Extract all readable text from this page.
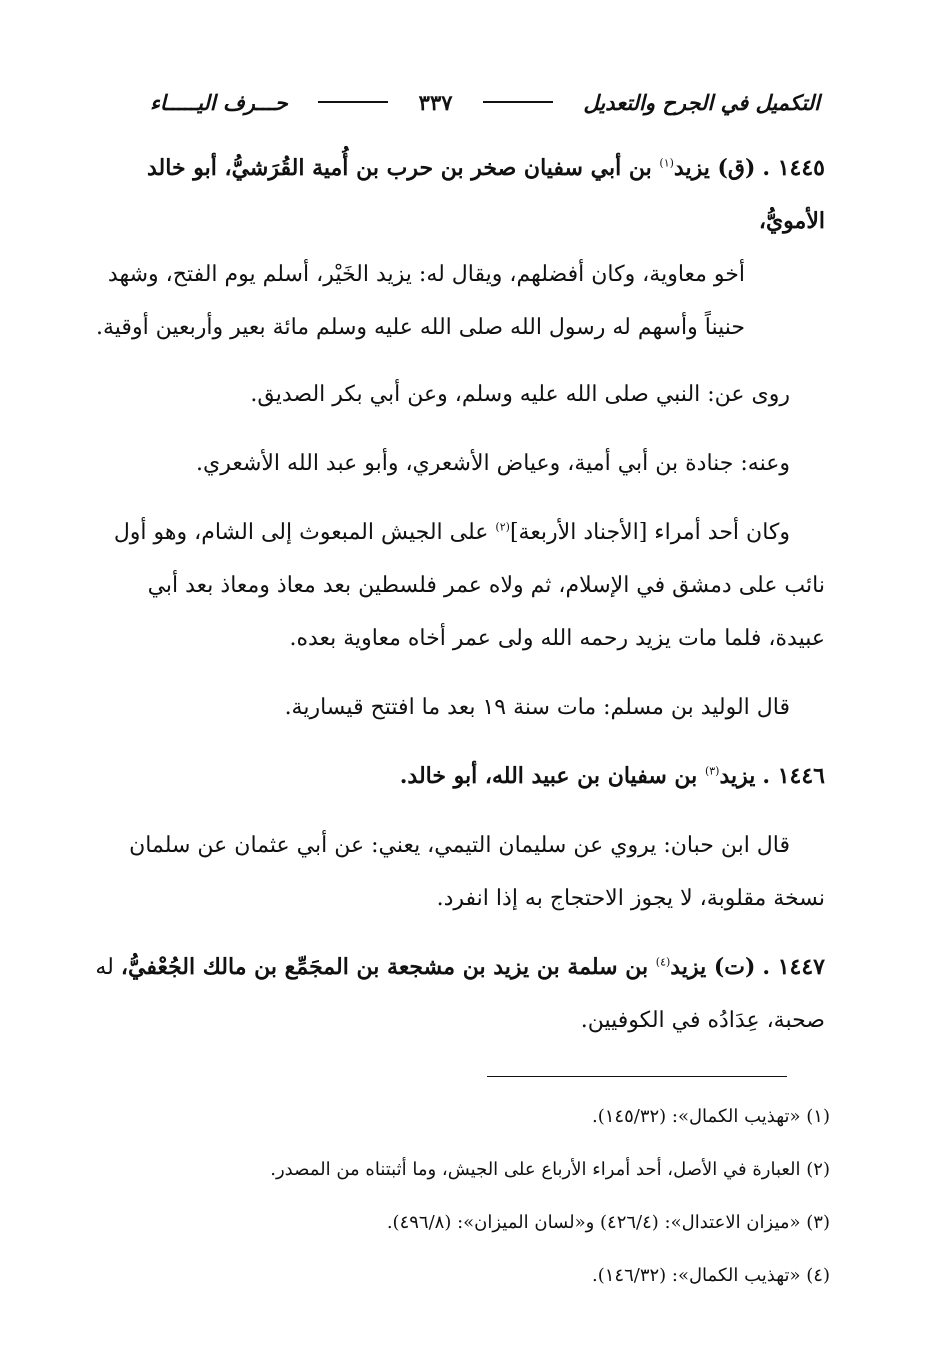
التكميل في الجرح والتعديل
٣٣٧
حـــرف اليـــــاء
١٤٤٥ . (ق) يزيد$^{(١)}$ بن أبي سفيان صخر بن حرب بن أُمية القُرَشيُّ، أبو خالد الأمويُّ،
أخو معاوية، وكان أفضلهم، ويقال له: يزيد الخَيْر، أسلم يوم الفتح، وشهد حنيناً وأسهم له رسول الله صلى الله عليه وسلم مائة بعير وأربعين أوقية.
روى عن: النبي صلى الله عليه وسلم، وعن أبي بكر الصديق.
وعنه: جنادة بن أبي أمية، وعياض الأشعري، وأبو عبد الله الأشعري.
وكان أحد أمراء [الأجناد الأربعة]$^{(٢)}$ على الجيش المبعوث إلى الشام، وهو أول نائب على دمشق في الإسلام، ثم ولاه عمر فلسطين بعد معاذ ومعاذ بعد أبي عبيدة، فلما مات يزيد رحمه الله ولى عمر أخاه معاوية بعده.
قال الوليد بن مسلم: مات سنة ١٩ بعد ما افتتح قيسارية.
١٤٤٦ . يزيد$^{(٣)}$ بن سفيان بن عبيد الله، أبو خالد.
قال ابن حبان: يروي عن سليمان التيمي، يعني: عن أبي عثمان عن سلمان نسخة مقلوبة، لا يجوز الاحتجاج به إذا انفرد.
١٤٤٧ . (ت) يزيد$^{(٤)}$ بن سلمة بن يزيد بن مشجعة بن المجَمِّع بن مالك الجُعْفيُّ، له صحبة، عِدَادُه في الكوفيين.
(١) «تهذيب الكمال»: (١٤٥/٣٢).
(٢) العبارة في الأصل، أحد أمراء الأرباع على الجيش، وما أثبتناه من المصدر.
(٣) «ميزان الاعتدال»: (٤٢٦/٤) و«لسان الميزان»: (٤٩٦/٨).
(٤) «تهذيب الكمال»: (١٤٦/٣٢).
